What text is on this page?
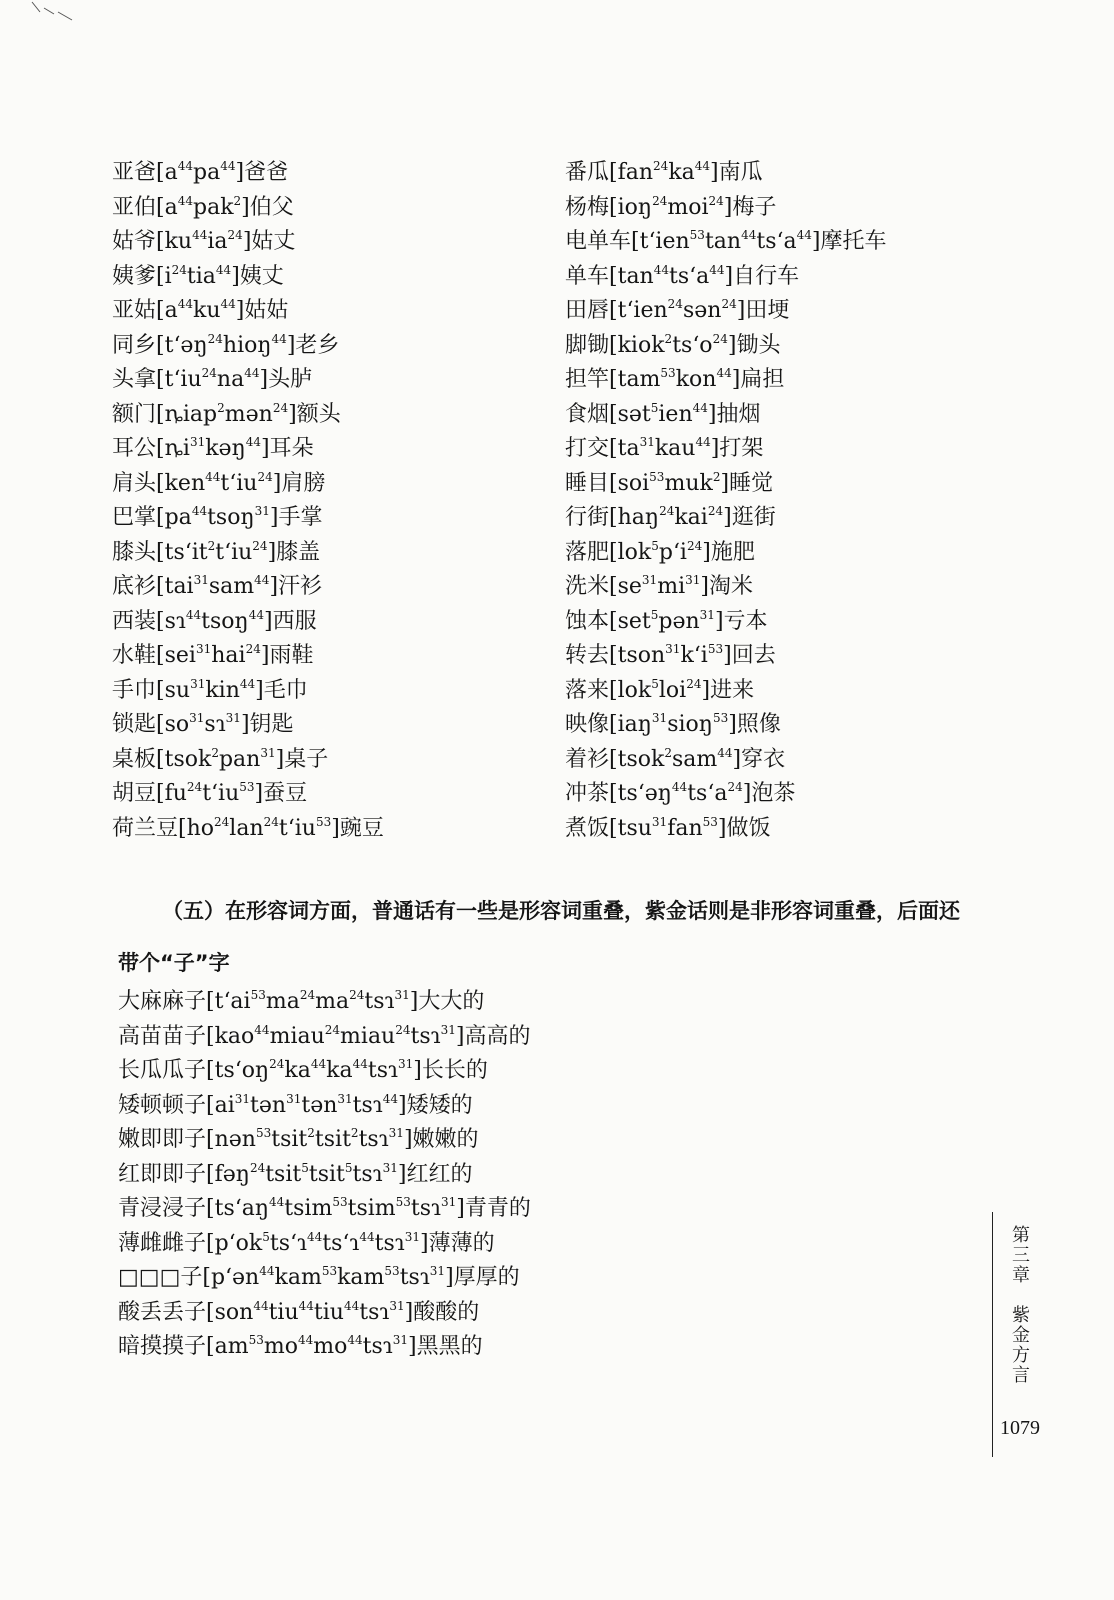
亚爸$[a^{44}pa^{44}]$爸爸
亚伯$[a^{44}pak^2]$伯父
姑爷$[ku^{44}ia^{24}]$姑丈
姨爹$[i^{24}tia^{44}]$姨丈
亚姑$[a^{44}ku^{44}]$姑姑
同乡[t‘əŋ$^{24}$hioŋ$^{44}$]老乡
头拿$[t‘iu^{24}na^{44}]$头胪
额门[ȵiap$^2$mən$^{24}$]额头
耳公$[ȵi^{31}kəŋ^{44}]$耳朵
肩头$[ken^{44}t‘iu^{24}]$肩膀
巴掌$[pa^{44}tsoŋ^{31}]$手掌
膝头$[ts‘it^2t‘iu^{24}]$膝盖
底衫[tai$^{31}$sam$^{44}$]汗衫
西装[sɿ$^{44}$tsoŋ$^{44}$]西服
水鞋[sei$^{31}$hai$^{24}$]雨鞋
手巾$[su^{31}kin^{44}]$毛巾
锁匙$[so^{31}sɿ^{31}]$钥匙
桌板[tsok$^2$pan$^{31}$]桌子
胡豆$[fu^{24}t‘iu^{53}]$蚕豆
荷兰豆$[ho^{24}lan^{24}t‘iu^{53}]$豌豆
番瓜$[fan^{24}ka^{44}]$南瓜
杨梅[ioŋ$^{24}$moi$^{24}$]梅子
电单车$[t‘ien^{53}\tan^{44}ts‘a^{44}]$摩托车
单车$[\tan^{44}ts‘a^{44}]$自行车
田唇[t‘ien$^{24}$sən$^{24}$]田埂
脚锄$[kiok^2ts‘o^{24}]$锄头
担竿[tam$^{53}$kon$^{44}$]扁担
食烟[sət$^5$ien$^{44}$]抽烟
打交$[ta^{31}kau^{44}]$打架
睡目[soi$^{53}$muk$^2$]睡觉
行街[haŋ$^{24}$kai$^{24}$]逛街
落肥$[lok^5p‘i^{24}]$施肥
洗米$[se^{31}mi^{31}]$淘米
蚀本[set$^5$pən$^{31}$]亏本
转去$[tson^{31}k‘i^{53}]$回去
落来[lok$^5$loi$^{24}$]进来
映像[iaŋ$^{31}$sioŋ$^{53}$]照像
着衫[tsok$^2$sam$^{44}$]穿衣
冲茶$[ts‘əŋ^{44}ts‘a^{24}]$泡茶
煮饭[tsu$^{31}$fan$^{53}$]做饭
（五）在形容词方面，普通话有一些是形容词重叠，紫金话则是非形容词重叠，后面还带个“子”字
大麻麻子$[t‘ai^{53}ma^{24}ma^{24}tsɿ^{31}]$大大的
高苗苗子[kao$^{44}$miau$^{24}$miau$^{24}$tsɿ$^{31}$]高高的
长瓜瓜子$[ts‘oŋ^{24}ka^{44}ka^{44}tsɿ^{31}]$长长的
矮顿顿子$[ai^{31}tən^{31}tən^{31}tsɿ^{44}]$矮矮的
嫩即即子[nən$^{53}$tsit$^2$tsit$^2$tsɿ$^{31}$]嫩嫩的
红即即子[fəŋ$^{24}$tsit$^5$tsit$^5$tsɿ$^{31}$]红红的
青浸浸子$[ts‘aŋ^{44}tsim^{53}tsim^{53}tsɿ^{31}]$青青的
薄雌雌子$[p‘ok^5ts‘ɿ^{44}ts‘ɿ^{44}tsɿ^{31}]$薄薄的
□□□子[p‘ən$^{44}$kam$^{53}$kam$^{53}$tsɿ$^{31}$]厚厚的
酸丢丢子[son$^{44}$tiu$^{44}$tiu$^{44}$tsɿ$^{31}$]酸酸的
暗摸摸子$[am^{53}mo^{44}mo^{44}tsɿ^{31}]$黑黑的
第三章　紫金方言
1079
